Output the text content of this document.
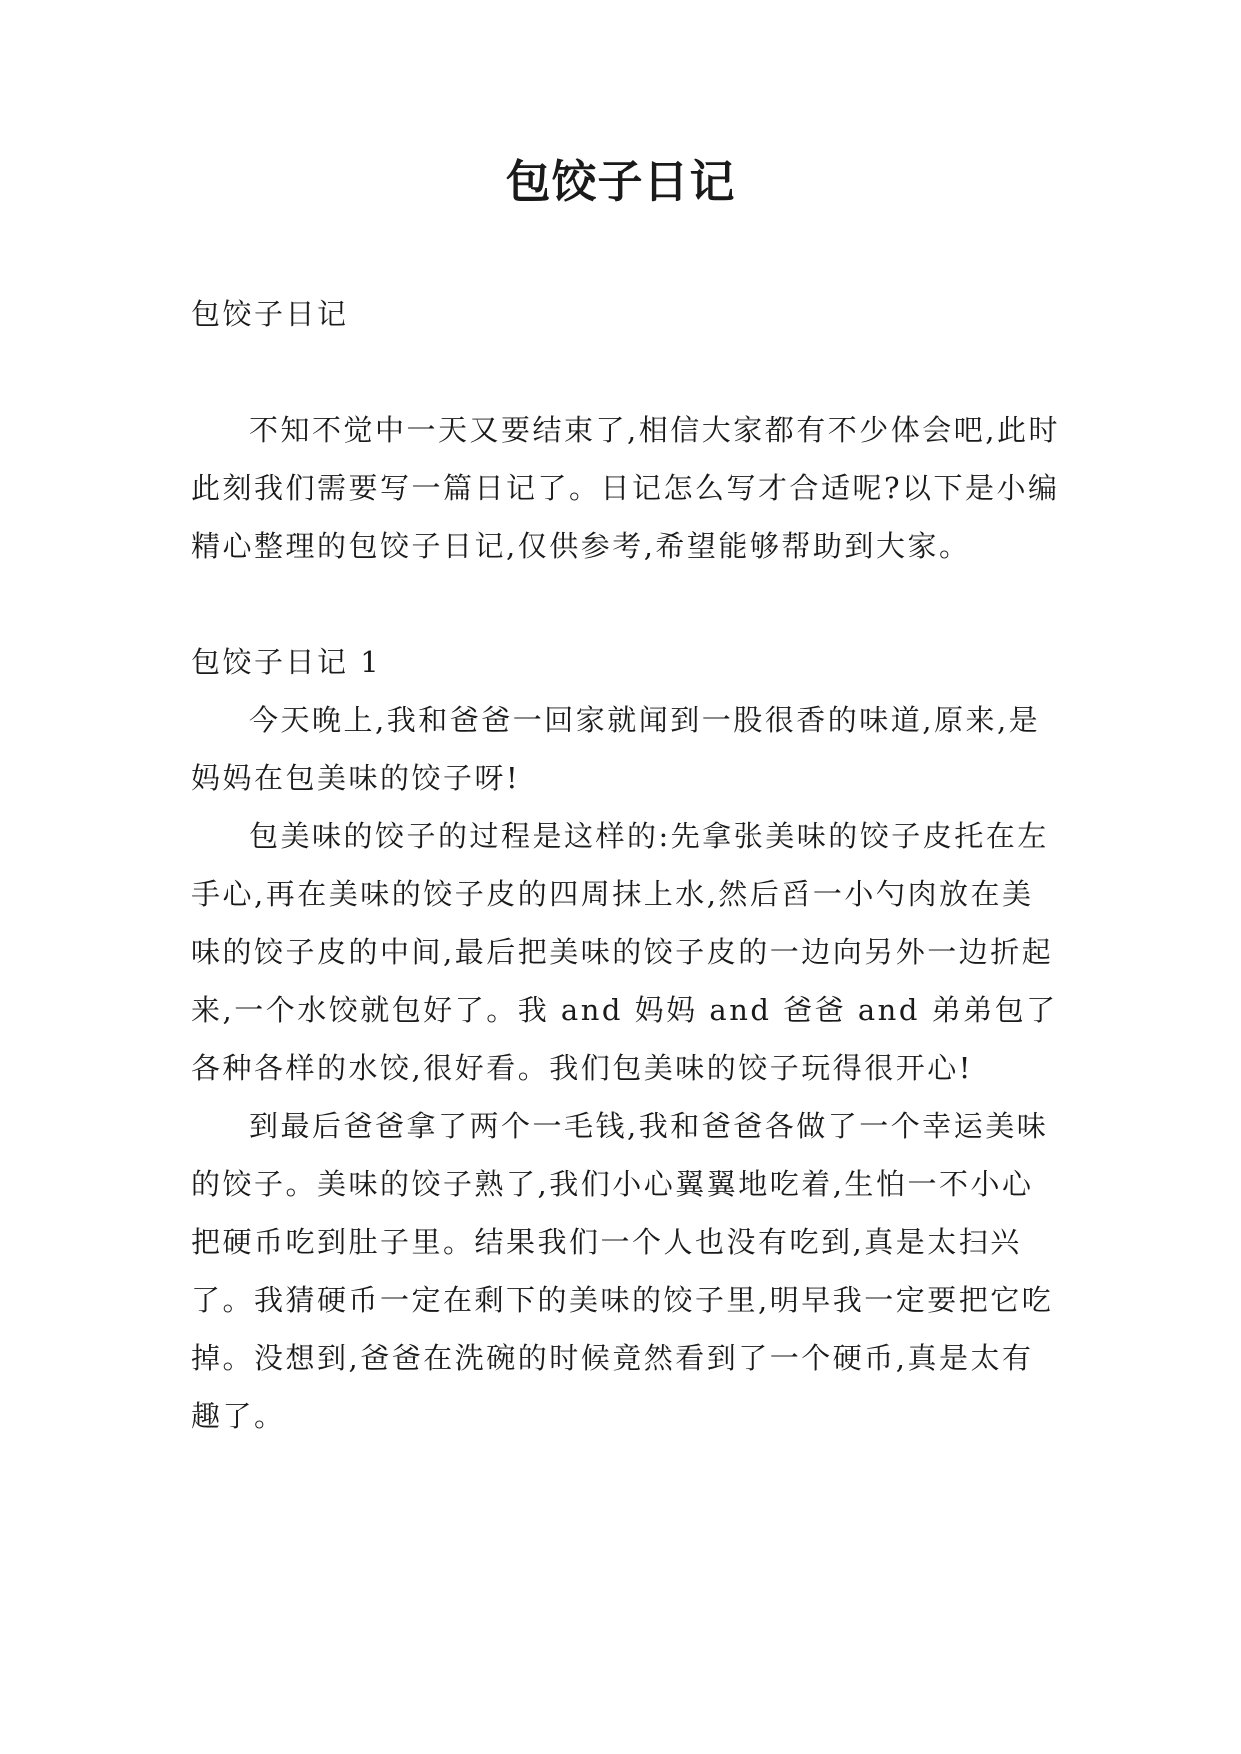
包饺子日记

包饺子日记

不知不觉中一天又要结束了,相信大家都有不少体会吧,此时此刻我们需要写一篇日记了。日记怎么写才合适呢?以下是小编精心整理的包饺子日记,仅供参考,希望能够帮助到大家。

包饺子日记 1

今天晚上,我和爸爸一回家就闻到一股很香的味道,原来,是妈妈在包美味的饺子呀!

包美味的饺子的过程是这样的:先拿张美味的饺子皮托在左手心,再在美味的饺子皮的四周抹上水,然后舀一小勺肉放在美味的饺子皮的中间,最后把美味的饺子皮的一边向另外一边折起来,一个水饺就包好了。我 and 妈妈 and 爸爸 and 弟弟包了各种各样的水饺,很好看。我们包美味的饺子玩得很开心!

到最后爸爸拿了两个一毛钱,我和爸爸各做了一个幸运美味的饺子。美味的饺子熟了,我们小心翼翼地吃着,生怕一不小心把硬币吃到肚子里。结果我们一个人也没有吃到,真是太扫兴了。我猜硬币一定在剩下的美味的饺子里,明早我一定要把它吃掉。没想到,爸爸在洗碗的时候竟然看到了一个硬币,真是太有趣了。
